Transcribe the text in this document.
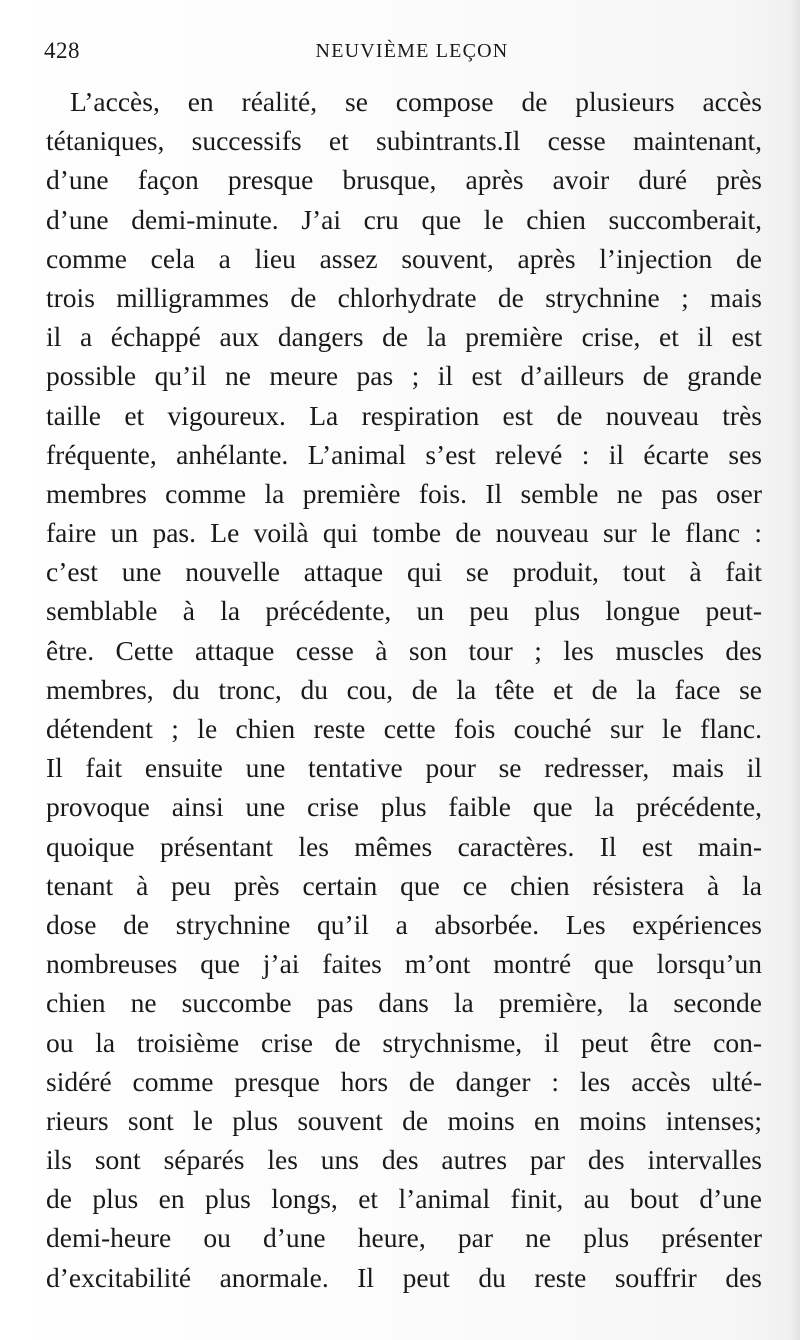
428	NEUVIÈME LEÇON
L’accès, en réalité, se compose de plusieurs accès
tétaniques, successifs et subintrants.Il cesse maintenant,
d’une façon presque brusque, après avoir duré près
d’une demi-minute. J’ai cru que le chien succomberait,
comme cela a lieu assez souvent, après l’injection de
trois milligrammes de chlorhydrate de strychnine ; mais
il a échappé aux dangers de la première crise, et il est
possible qu’il ne meure pas ; il est d’ailleurs de grande
taille et vigoureux. La respiration est de nouveau très
fréquente, anhélante. L’animal s’est relevé : il écarte ses
membres comme la première fois. Il semble ne pas oser
faire un pas. Le voilà qui tombe de nouveau sur le flanc :
c’est une nouvelle attaque qui se produit, tout à fait
semblable à la précédente, un peu plus longue peut-
être. Cette attaque cesse à son tour ; les muscles des
membres, du tronc, du cou, de la tête et de la face se
détendent ; le chien reste cette fois couché sur le flanc.
Il fait ensuite une tentative pour se redresser, mais il
provoque ainsi une crise plus faible que la précédente,
quoique présentant les mêmes caractères. Il est main-
tenant à peu près certain que ce chien résistera à la
dose de strychnine qu’il a absorbée. Les expériences
nombreuses que j’ai faites m’ont montré que lorsqu’un
chien ne succombe pas dans la première, la seconde
ou la troisième crise de strychnisme, il peut être con-
sidéré comme presque hors de danger : les accès ulté-
rieurs sont le plus souvent de moins en moins intenses;
ils sont séparés les uns des autres par des intervalles
de plus en plus longs, et l’animal finit, au bout d’une
demi-heure ou d’une heure, par ne plus présenter
d’excitabilité anormale. Il peut du reste souffrir des
